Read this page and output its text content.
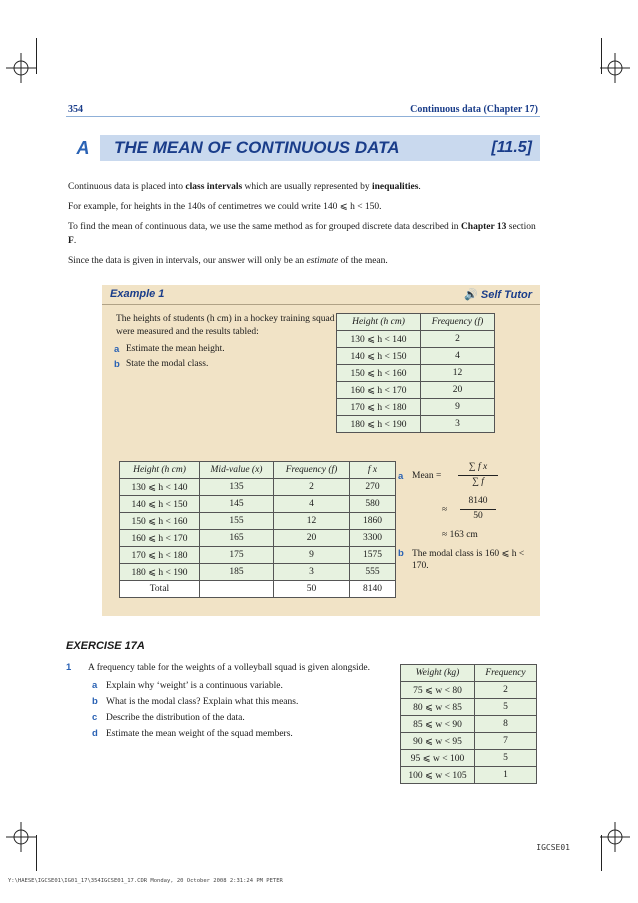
354	Continuous data (Chapter 17)
A	THE MEAN OF CONTINUOUS DATA	[11.5]
Continuous data is placed into class intervals which are usually represented by inequalities.
For example, for heights in the 140s of centimetres we could write 140 ⩽ h < 150.
To find the mean of continuous data, we use the same method as for grouped discrete data described in Chapter 13 section F.
Since the data is given in intervals, our answer will only be an estimate of the mean.
Example 1	🔊 Self Tutor
The heights of students (h cm) in a hockey training squad were measured and the results tabled:
a Estimate the mean height.
b State the modal class.
Height (h cm)	Frequency (f)
130 ⩽ h < 140	2
140 ⩽ h < 150	4
150 ⩽ h < 160	12
160 ⩽ h < 170	20
170 ⩽ h < 180	9
180 ⩽ h < 190	3
Height (h cm)	Mid-value (x)	Frequency (f)	f x
130 ⩽ h < 140	135	2	270
140 ⩽ h < 150	145	4	580
150 ⩽ h < 160	155	12	1860
160 ⩽ h < 170	165	20	3300
170 ⩽ h < 180	175	9	1575
180 ⩽ h < 190	185	3	555
Total		50	8140
a Mean =
∑ f x
∑ f
≈
8140
50
≈ 163 cm
b The modal class is 160 ⩽ h < 170.
EXERCISE 17A
1	A frequency table for the weights of a volleyball squad is given alongside.
a Explain why ‘weight’ is a continuous variable.
b What is the modal class? Explain what this means.
c Describe the distribution of the data.
d Estimate the mean weight of the squad members.
Weight (kg)	Frequency
75 ⩽ w < 80	2
80 ⩽ w < 85	5
85 ⩽ w < 90	8
90 ⩽ w < 95	7
95 ⩽ w < 100	5
100 ⩽ w < 105	1
IGCSE01
Y:\HAESE\IGCSE01\IG01_17\354IGCSE01_17.CDR Monday, 20 October 2008 2:31:24 PM PETER
